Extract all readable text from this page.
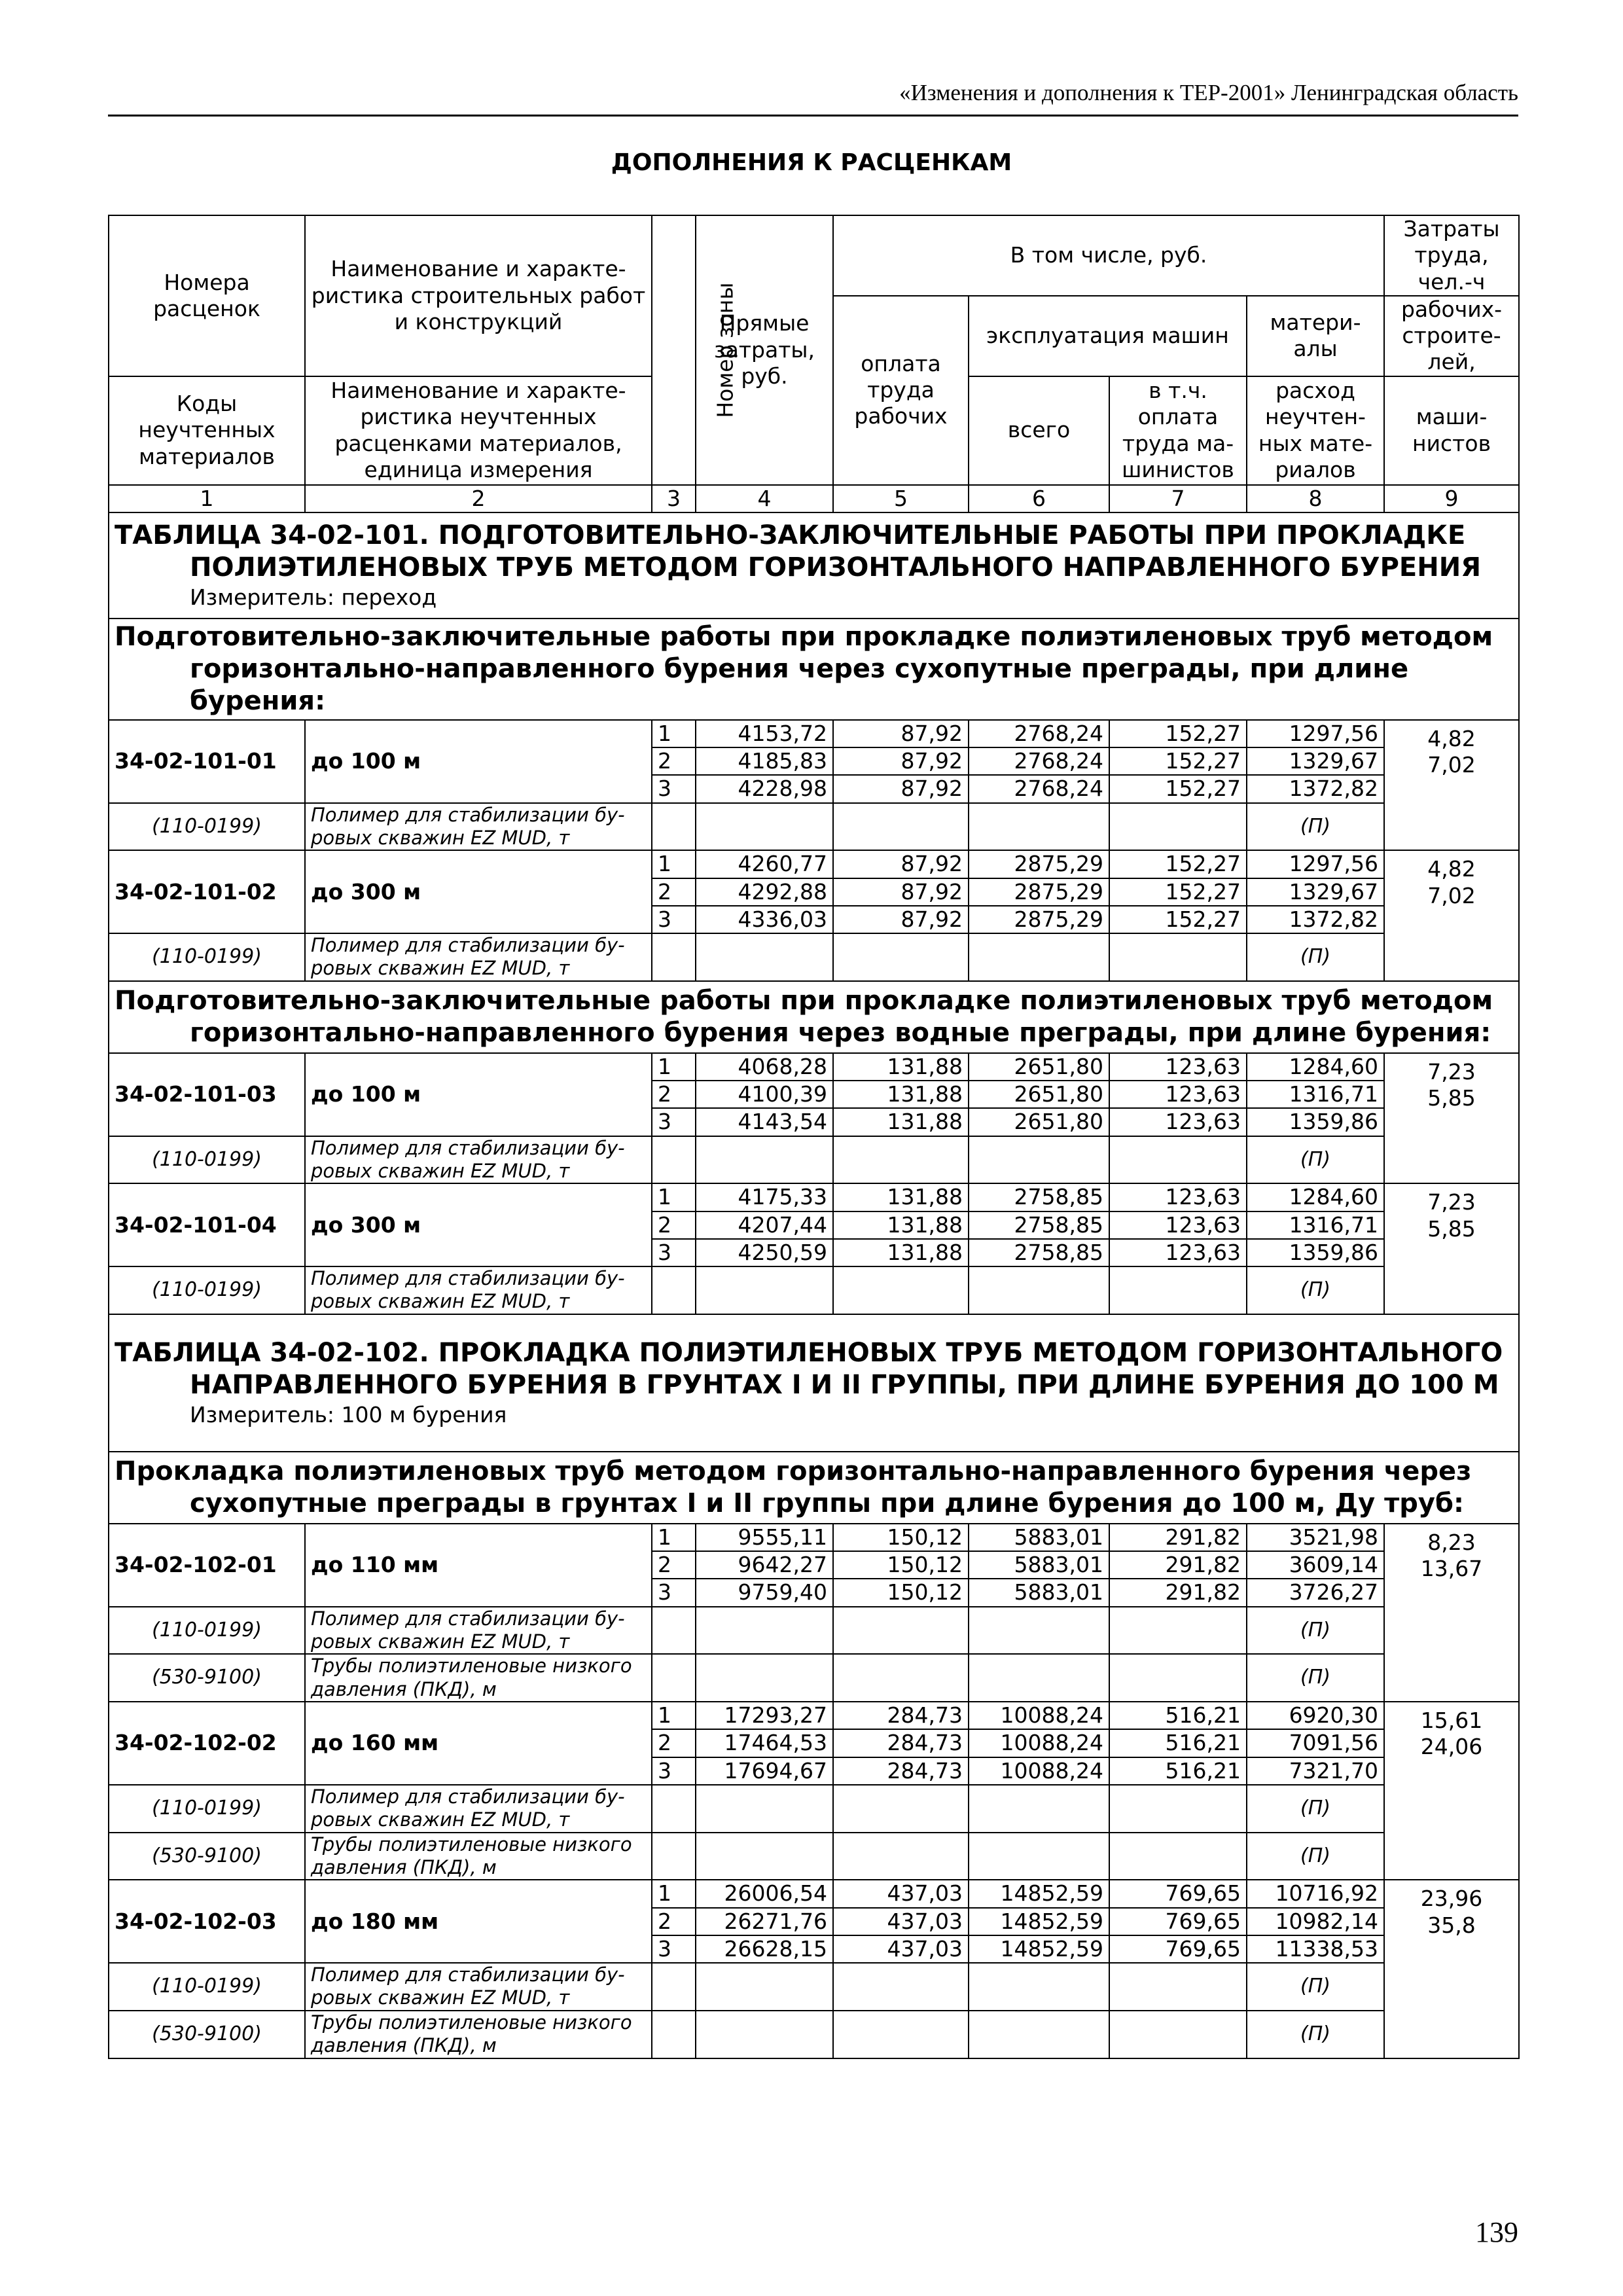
«Изменения и дополнения к ТЕР-2001» Ленинградская область
ДОПОЛНЕНИЯ К РАСЦЕНКАМ
Номера расценок	Наименование и характе-ристика строительных работ и конструкций	Номер зоны	Прямые затраты, руб.	В том числе, руб.				Затраты труда, чел.-ч
				оплата труда рабочих	эксплуатация машин		матери-алы	рабочих-строите-лей,
Коды неучтенных материалов	Наименование и характе-ристика неучтенных расценками материалов, единица измерения				всего	в т.ч. оплата труда ма-шинистов	расход неучтен-ных мате-риалов	маши-нистов

1	2	3	4	5	6	7	8	9
ТАБЛИЦА 34-02-101. ПОДГОТОВИТЕЛЬНО-ЗАКЛЮЧИТЕЛЬНЫЕ РАБОТЫ ПРИ ПРОКЛАДКЕ
ПОЛИЭТИЛЕНОВЫХ ТРУБ МЕТОДОМ ГОРИЗОНТАЛЬНОГО НАПРАВЛЕННОГО БУРЕНИЯ
Измеритель: переход								

Подготовительно-заключительные работы при прокладке полиэтиленовых труб методом
горизонтально-направленного бурения через сухопутные преграды, при длине бурения:								

34-02-101-01	до 100 м	1	4153,72	87,92	2768,24	152,27	1297,56	4,82
7,02
		2	4185,83	87,92	2768,24	152,27	1329,67	
		3	4228,98	87,92	2768,24	152,27	1372,82	
(110-0199)	Полимер для стабилизации бу-ровых скважин EZ MUD, т						(П)	
34-02-101-02	до 300 м	1	4260,77	87,92	2875,29	152,27	1297,56	4,82
7,02
		2	4292,88	87,92	2875,29	152,27	1329,67	
		3	4336,03	87,92	2875,29	152,27	1372,82	
(110-0199)	Полимер для стабилизации бу-ровых скважин EZ MUD, т						(П)	
Подготовительно-заключительные работы при прокладке полиэтиленовых труб методом
горизонтально-направленного бурения через водные преграды, при длине бурения:								

34-02-101-03	до 100 м	1	4068,28	131,88	2651,80	123,63	1284,60	7,23
5,85
		2	4100,39	131,88	2651,80	123,63	1316,71	
		3	4143,54	131,88	2651,80	123,63	1359,86	
(110-0199)	Полимер для стабилизации бу-ровых скважин EZ MUD, т						(П)	
34-02-101-04	до 300 м	1	4175,33	131,88	2758,85	123,63	1284,60	7,23
5,85
		2	4207,44	131,88	2758,85	123,63	1316,71	
		3	4250,59	131,88	2758,85	123,63	1359,86	
(110-0199)	Полимер для стабилизации бу-ровых скважин EZ MUD, т						(П)	
ТАБЛИЦА 34-02-102. ПРОКЛАДКА ПОЛИЭТИЛЕНОВЫХ ТРУБ МЕТОДОМ ГОРИЗОНТАЛЬНОГО
НАПРАВЛЕННОГО БУРЕНИЯ В ГРУНТАХ I И II ГРУППЫ, ПРИ ДЛИНЕ БУРЕНИЯ ДО 100 М
Измеритель: 100 м бурения								

Прокладка полиэтиленовых труб методом горизонтально-направленного бурения через
сухопутные преграды в грунтах I и II группы при длине бурения до 100 м, Ду труб:								

34-02-102-01	до 110 мм	1	9555,11	150,12	5883,01	291,82	3521,98	8,23
13,67
		2	9642,27	150,12	5883,01	291,82	3609,14	
		3	9759,40	150,12	5883,01	291,82	3726,27	
(110-0199)	Полимер для стабилизации бу-ровых скважин EZ MUD, т						(П)	
(530-9100)	Трубы полиэтиленовые низкого давления (ПКД), м						(П)	
34-02-102-02	до 160 мм	1	17293,27	284,73	10088,24	516,21	6920,30	15,61
24,06
		2	17464,53	284,73	10088,24	516,21	7091,56	
		3	17694,67	284,73	10088,24	516,21	7321,70	
(110-0199)	Полимер для стабилизации бу-ровых скважин EZ MUD, т						(П)	
(530-9100)	Трубы полиэтиленовые низкого давления (ПКД), м						(П)	
34-02-102-03	до 180 мм	1	26006,54	437,03	14852,59	769,65	10716,92	23,96
35,8
		2	26271,76	437,03	14852,59	769,65	10982,14	
		3	26628,15	437,03	14852,59	769,65	11338,53	
(110-0199)	Полимер для стабилизации бу-ровых скважин EZ MUD, т						(П)	
(530-9100)	Трубы полиэтиленовые низкого давления (ПКД), м						(П)	
139
